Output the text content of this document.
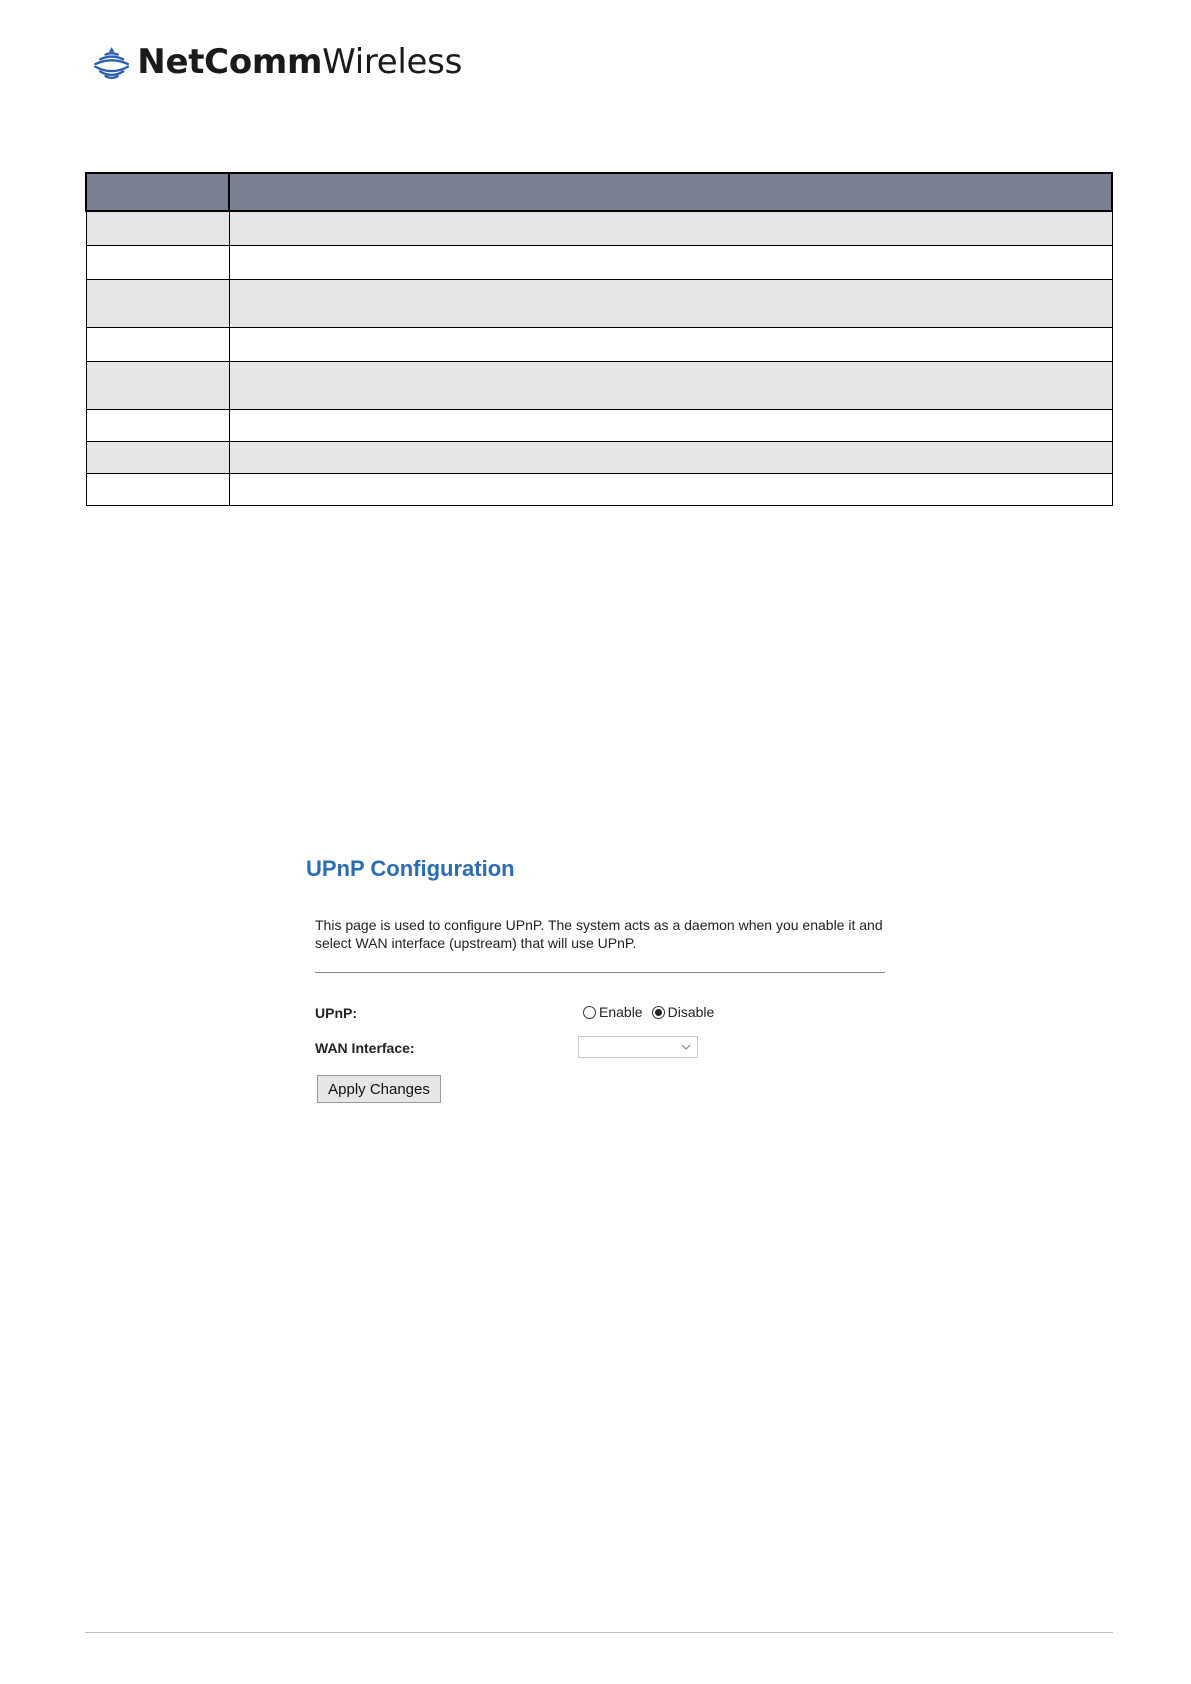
NetCommWireless

UPnP Configuration
This page is used to configure UPnP. The system acts as a daemon when you enable it and select WAN interface (upstream) that will use UPnP.
UPnP:	Enable Disable
WAN Interface:
Apply Changes
